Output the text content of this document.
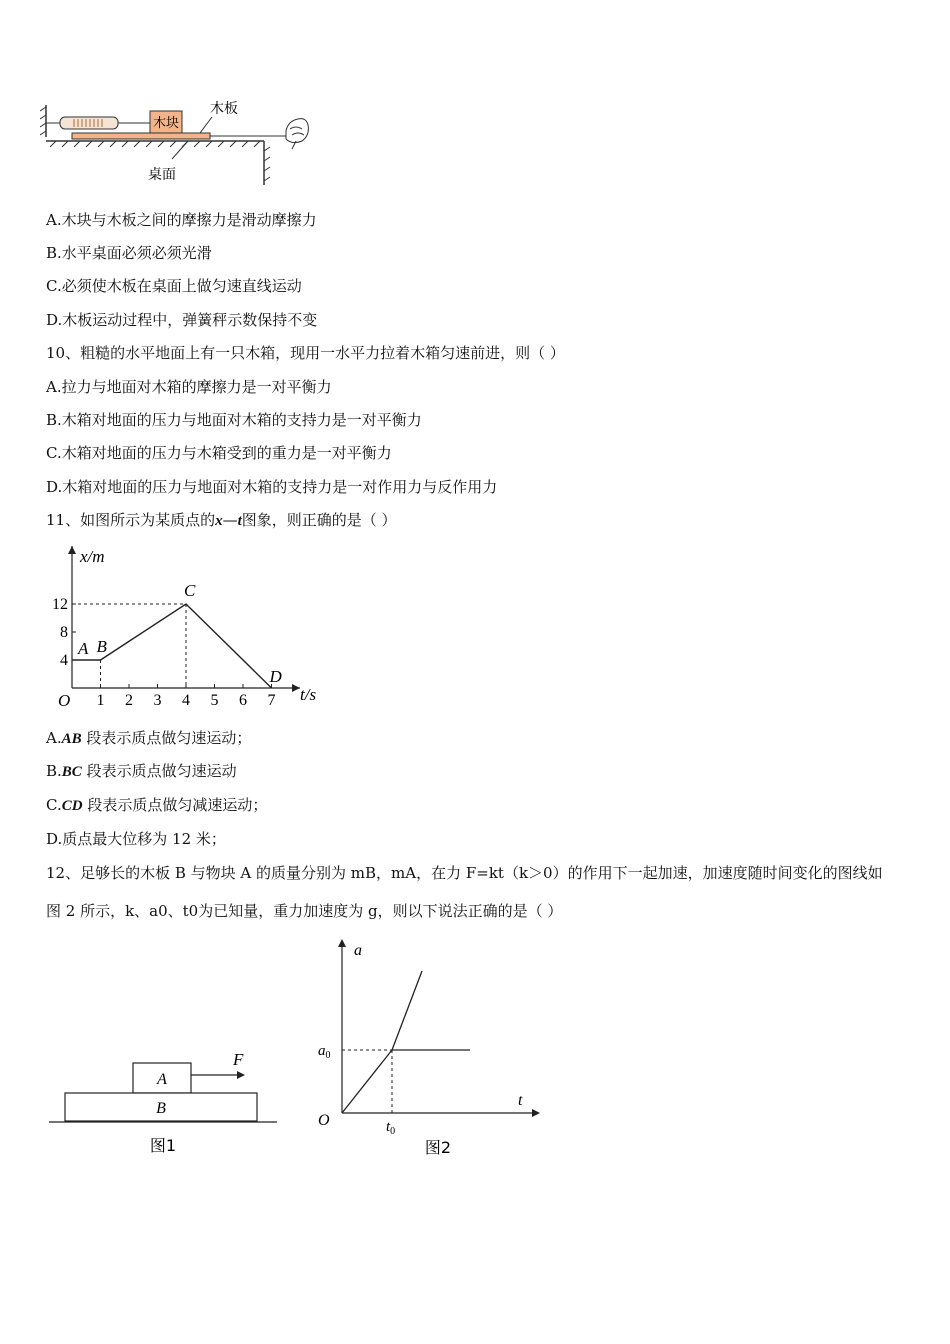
木块
木板
桌面
A.木块与木板之间的摩擦力是滑动摩擦力
B.水平桌面必须必须光滑
C.必须使木板在桌面上做匀速直线运动
D.木板运动过程中，弹簧秤示数保持不变
10、粗糙的水平地面上有一只木箱，现用一水平力拉着木箱匀速前进，则（ ）
A.拉力与地面对木箱的摩擦力是一对平衡力
B.木箱对地面的压力与地面对木箱的支持力是一对平衡力
C.木箱对地面的压力与木箱受到的重力是一对平衡力
D.木箱对地面的压力与地面对木箱的支持力是一对作用力与反作用力
11、如图所示为某质点的x—t图象，则正确的是（ ）
x/m
t/s
O 1 2 3 4 5 6 7
4
8
12
A B
C
D
A.AB 段表示质点做匀速运动；
B.BC 段表示质点做匀速运动
C.CD 段表示质点做匀减速运动；
D.质点最大位移为 12 米；
12、足够长的木板 B 与物块 A 的质量分别为 mB，mA，在力 F=kt（k＞0）的作用下一起加速，加速度随时间变化的图线如
图 2 所示，k、a0、t0为已知量，重力加速度为 g，则以下说法正确的是（ ）
A
F
B
图1
a
t
O
$a_0$
$t_0$
图2
